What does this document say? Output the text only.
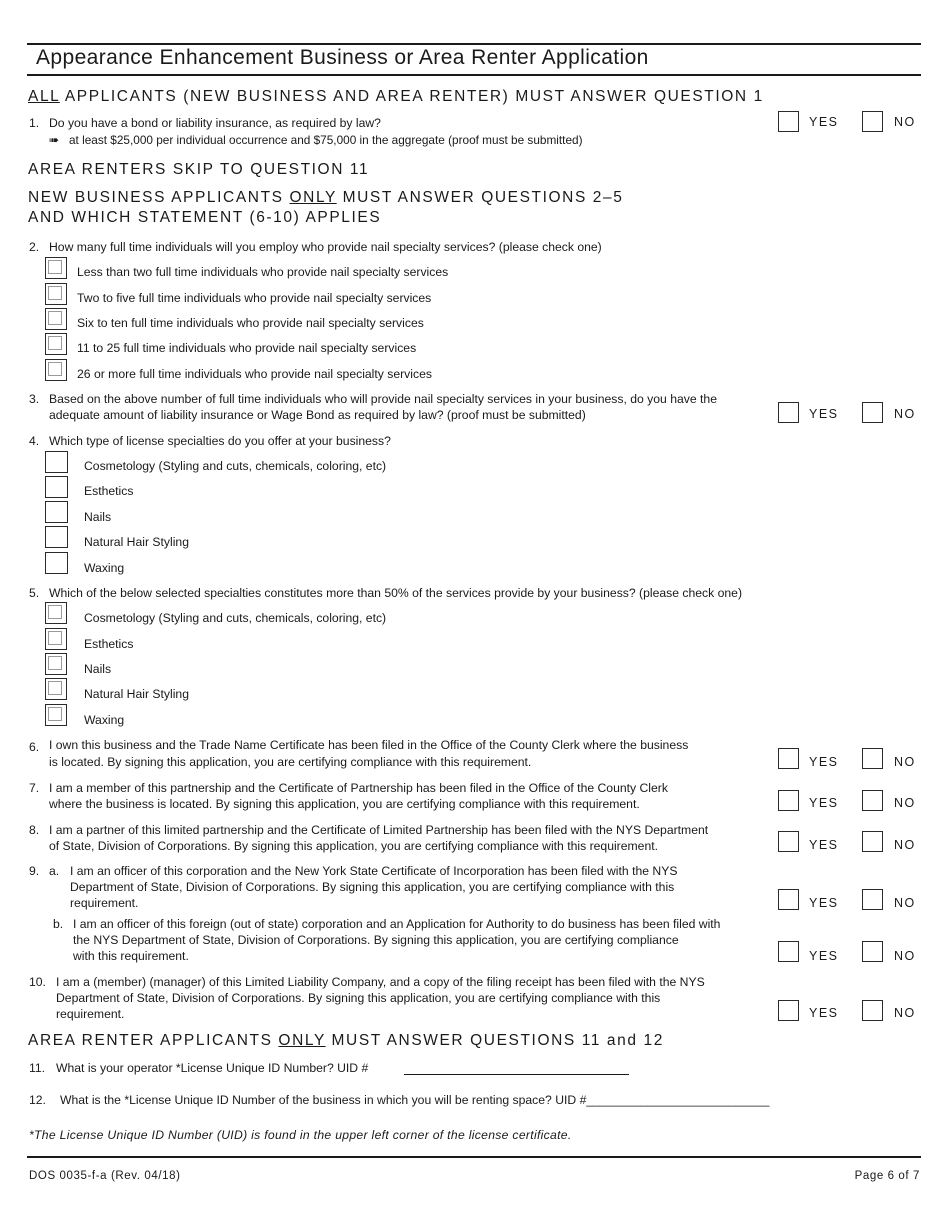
Appearance Enhancement Business or Area Renter Application
ALL APPLICANTS (NEW BUSINESS AND AREA RENTER) MUST ANSWER QUESTION 1
1. Do you have a bond or liability insurance, as required by law?
➠ at least $25,000 per individual occurrence and $75,000 in the aggregate (proof must be submitted)
YES	NO
AREA RENTERS SKIP TO QUESTION 11
NEW BUSINESS APPLICANTS ONLY MUST ANSWER QUESTIONS 2–5
AND WHICH STATEMENT (6-10) APPLIES
2. How many full time individuals will you employ who provide nail specialty services? (please check one)
Less than two full time individuals who provide nail specialty services
Two to five full time individuals who provide nail specialty services
Six to ten full time individuals who provide nail specialty services
11 to 25 full time individuals who provide nail specialty services
26 or more full time individuals who provide nail specialty services
3. Based on the above number of full time individuals who will provide nail specialty services in your business, do you have the
adequate amount of liability insurance or Wage Bond as required by law? (proof must be submitted)	YES	NO
4. Which type of license specialties do you offer at your business?
Cosmetology (Styling and cuts, chemicals, coloring, etc)
Esthetics
Nails
Natural Hair Styling
Waxing
5. Which of the below selected specialties constitutes more than 50% of the services provide by your business? (please check one)
Cosmetology (Styling and cuts, chemicals, coloring, etc)
Esthetics
Nails
Natural Hair Styling
Waxing
6. I own this business and the Trade Name Certificate has been filed in the Office of the County Clerk where the business
is located. By signing this application, you are certifying compliance with this requirement.	YES	NO
7. I am a member of this partnership and the Certificate of Partnership has been filed in the Office of the County Clerk
where the business is located. By signing this application, you are certifying compliance with this requirement.	YES	NO
8. I am a partner of this limited partnership and the Certificate of Limited Partnership has been filed with the NYS Department
of State, Division of Corporations. By signing this application, you are certifying compliance with this requirement.	YES	NO
9. a. I am an officer of this corporation and the New York State Certificate of Incorporation has been filed with the NYS
Department of State, Division of Corporations. By signing this application, you are certifying compliance with this
requirement.	YES	NO
b. I am an officer of this foreign (out of state) corporation and an Application for Authority to do business has been filed with
the NYS Department of State, Division of Corporations. By signing this application, you are certifying compliance
with this requirement.	YES	NO
10. I am a (member) (manager) of this Limited Liability Company, and a copy of the filing receipt has been filed with the NYS
Department of State, Division of Corporations. By signing this application, you are certifying compliance with this
requirement.	YES	NO
AREA RENTER APPLICANTS ONLY MUST ANSWER QUESTIONS 11 and 12
11. What is your operator *License Unique ID Number? UID #
12. What is the *License Unique ID Number of the business in which you will be renting space? UID #___________________________
*The License Unique ID Number (UID) is found in the upper left corner of the license certificate.
DOS 0035-f-a (Rev. 04/18)	Page 6 of 7
